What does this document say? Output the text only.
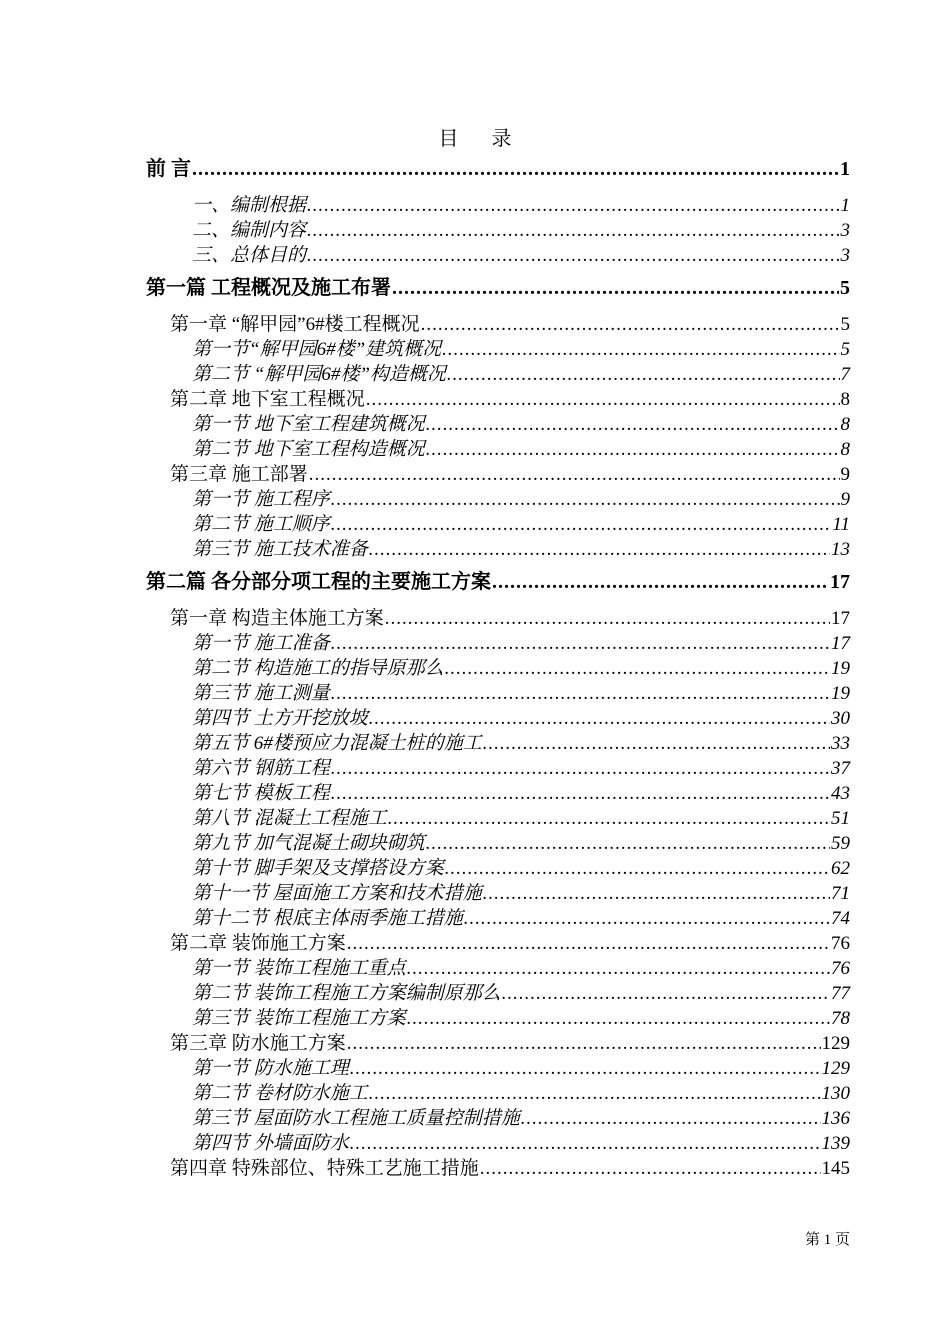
目 录
前 言 .....	1
一、编制根据 .....	1
二、编制内容 .....	3
三、总体目的 .....	3
第一篇 工程概况及施工布署 .....	5
第一章 “解甲园”6#楼工程概况 .....	5
第一节“解甲园6#楼”建筑概况 .....	5
第二节 “解甲园6#楼”构造概况 .....	7
第二章 地下室工程概况 .....	8
第一节 地下室工程建筑概况 .....	8
第二节 地下室工程构造概况 .....	8
第三章 施工部署 .....	9
第一节 施工程序 .....	9
第二节 施工顺序 .....	11
第三节 施工技术准备 .....	13
第二篇 各分部分项工程的主要施工方案 .....	17
第一章 构造主体施工方案 .....	17
第一节 施工准备 .....	17
第二节 构造施工的指导原那么 .....	19
第三节 施工测量 .....	19
第四节 土方开挖放坡 .....	30
第五节 6#楼预应力混凝土桩的施工 .....	33
第六节 钢筋工程 .....	37
第七节 模板工程 .....	43
第八节 混凝土工程施工 .....	51
第九节 加气混凝土砌块砌筑 .....	59
第十节 脚手架及支撑搭设方案 .....	62
第十一节 屋面施工方案和技术措施 .....	71
第十二节 根底主体雨季施工措施 .....	74
第二章 装饰施工方案 .....	76
第一节 装饰工程施工重点 .....	76
第二节 装饰工程施工方案编制原那么 .....	77
第三节 装饰工程施工方案 .....	78
第三章 防水施工方案 .....	129
第一节 防水施工理 .....	129
第二节 卷材防水施工 .....	130
第三节 屋面防水工程施工质量控制措施 .....	136
第四节 外墙面防水 .....	139
第四章 特殊部位、特殊工艺施工措施 .....	145
第 1 页
